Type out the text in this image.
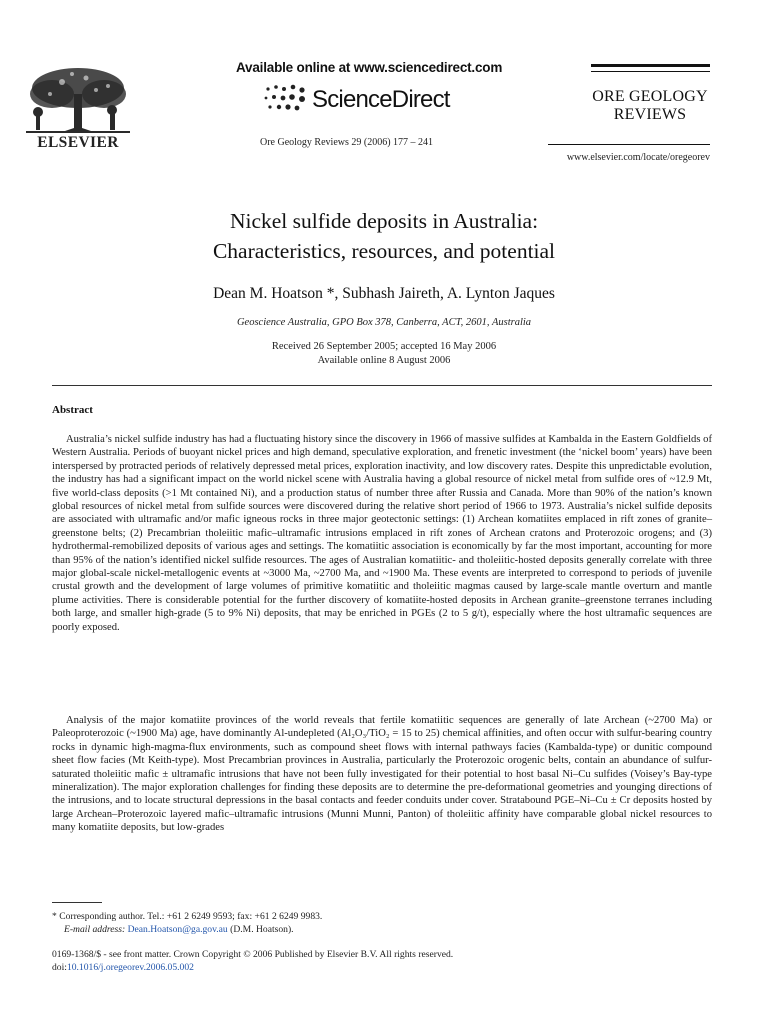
ELSEVIER
Available online at www.sciencedirect.com
ScienceDirect
Ore Geology Reviews 29 (2006) 177 – 241
ORE GEOLOGY
REVIEWS
www.elsevier.com/locate/oregeorev
Nickel sulfide deposits in Australia:
Characteristics, resources, and potential
Dean M. Hoatson *, Subhash Jaireth, A. Lynton Jaques
Geoscience Australia, GPO Box 378, Canberra, ACT, 2601, Australia
Received 26 September 2005; accepted 16 May 2006
Available online 8 August 2006
Abstract
Australia’s nickel sulfide industry has had a fluctuating history since the discovery in 1966 of massive sulfides at Kambalda in the Eastern Goldfields of Western Australia. Periods of buoyant nickel prices and high demand, speculative exploration, and frenetic investment (the ‘nickel boom’ years) have been interspersed by protracted periods of relatively depressed metal prices, exploration inactivity, and low discovery rates. Despite this unpredictable evolution, the industry has had a significant impact on the world nickel scene with Australia having a global resource of nickel metal from sulfide ores of ~12.9 Mt, five world-class deposits (>1 Mt contained Ni), and a production status of number three after Russia and Canada. More than 90% of the nation’s known global resources of nickel metal from sulfide sources were discovered during the relative short period of 1966 to 1973. Australia’s nickel sulfide deposits are associated with ultramafic and/or mafic igneous rocks in three major geotectonic settings: (1) Archean komatiites emplaced in rift zones of granite–greenstone belts; (2) Precambrian tholeiitic mafic–ultramafic intrusions emplaced in rift zones of Archean cratons and Proterozoic orogens; and (3) hydrothermal-remobilized deposits of various ages and settings. The komatiitic association is economically by far the most important, accounting for more than 95% of the nation’s identified nickel sulfide resources. The ages of Australian komatiitic- and tholeiitic-hosted deposits generally correlate with three major global-scale nickel-metallogenic events at ~3000 Ma, ~2700 Ma, and ~1900 Ma. These events are interpreted to correspond to periods of juvenile crustal growth and the development of large volumes of primitive komatiitic and tholeiitic magmas caused by large-scale mantle overturn and mantle plume activities. There is considerable potential for the further discovery of komatiite-hosted deposits in Archean granite–greenstone terranes including both large, and smaller high-grade (5 to 9% Ni) deposits, that may be enriched in PGEs (2 to 5 g/t), especially where the host ultramafic sequences are poorly exposed.
Analysis of the major komatiite provinces of the world reveals that fertile komatiitic sequences are generally of late Archean (~2700 Ma) or Paleoproterozoic (~1900 Ma) age, have dominantly Al-undepleted (Al₂O₃/TiO₂ = 15 to 25) chemical affinities, and often occur with sulfur-bearing country rocks in dynamic high-magma-flux environments, such as compound sheet flows with internal pathways facies (Kambalda-type) or dunitic compound sheet flow facies (Mt Keith-type). Most Precambrian provinces in Australia, particularly the Proterozoic orogenic belts, contain an abundance of sulfur-saturated tholeiitic mafic ± ultramafic intrusions that have not been fully investigated for their potential to host basal Ni–Cu sulfides (Voisey’s Bay-type mineralization). The major exploration challenges for finding these deposits are to determine the pre-deformational geometries and younging directions of the intrusions, and to locate structural depressions in the basal contacts and feeder conduits under cover. Stratabound PGE–Ni–Cu ± Cr deposits hosted by large Archean–Proterozoic layered mafic–ultramafic intrusions (Munni Munni, Panton) of tholeiitic affinity have comparable global nickel resources to many komatiite deposits, but low-grades
* Corresponding author. Tel.: +61 2 6249 9593; fax: +61 2 6249 9983.
E-mail address: Dean.Hoatson@ga.gov.au (D.M. Hoatson).
0169-1368/$ - see front matter. Crown Copyright © 2006 Published by Elsevier B.V. All rights reserved.
doi:10.1016/j.oregeorev.2006.05.002
